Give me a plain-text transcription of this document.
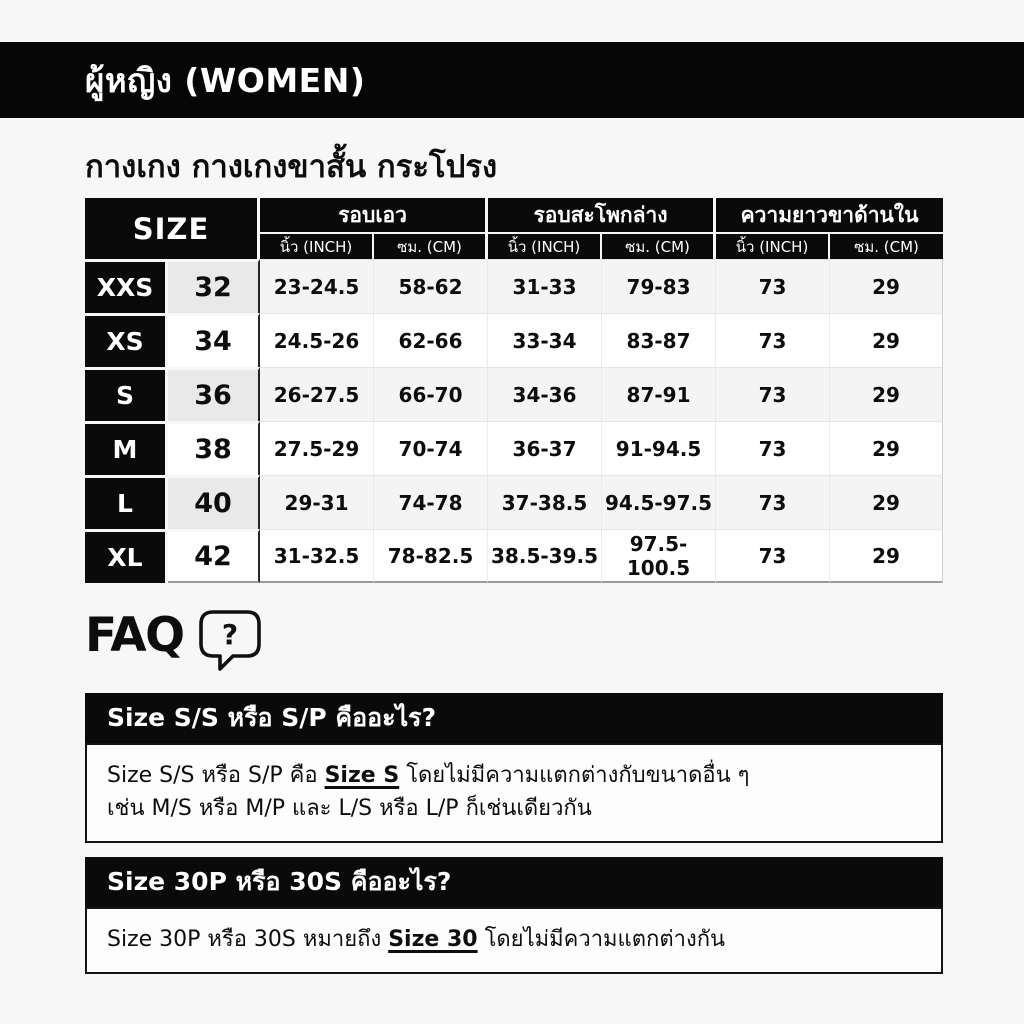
ผู้หญิง (WOMEN)
กางเกง กางเกงขาสั้น กระโปรง
SIZE		รอบเอว		รอบสะโพกล่าง		ความยาวขาด้านใน	
		นิ้ว (INCH)	ซม. (CM)	นิ้ว (INCH)	ซม. (CM)	นิ้ว (INCH)	ซม. (CM)
XXS	32	23-24.5	58-62	31-33	79-83	73	29
XS	34	24.5-26	62-66	33-34	83-87	73	29
S	36	26-27.5	66-70	34-36	87-91	73	29
M	38	27.5-29	70-74	36-37	91-94.5	73	29
L	40	29-31	74-78	37-38.5	94.5-97.5	73	29
XL	42	31-32.5	78-82.5	38.5-39.5	97.5-100.5	73	29
FAQ ?
Size S/S หรือ S/P คืออะไร?
Size S/S หรือ S/P คือ Size S โดยไม่มีความแตกต่างกับขนาดอื่น ๆ
เช่น M/S หรือ M/P และ L/S หรือ L/P ก็เช่นเดียวกัน
Size 30P หรือ 30S คืออะไร?
Size 30P หรือ 30S หมายถึง Size 30 โดยไม่มีความแตกต่างกัน
